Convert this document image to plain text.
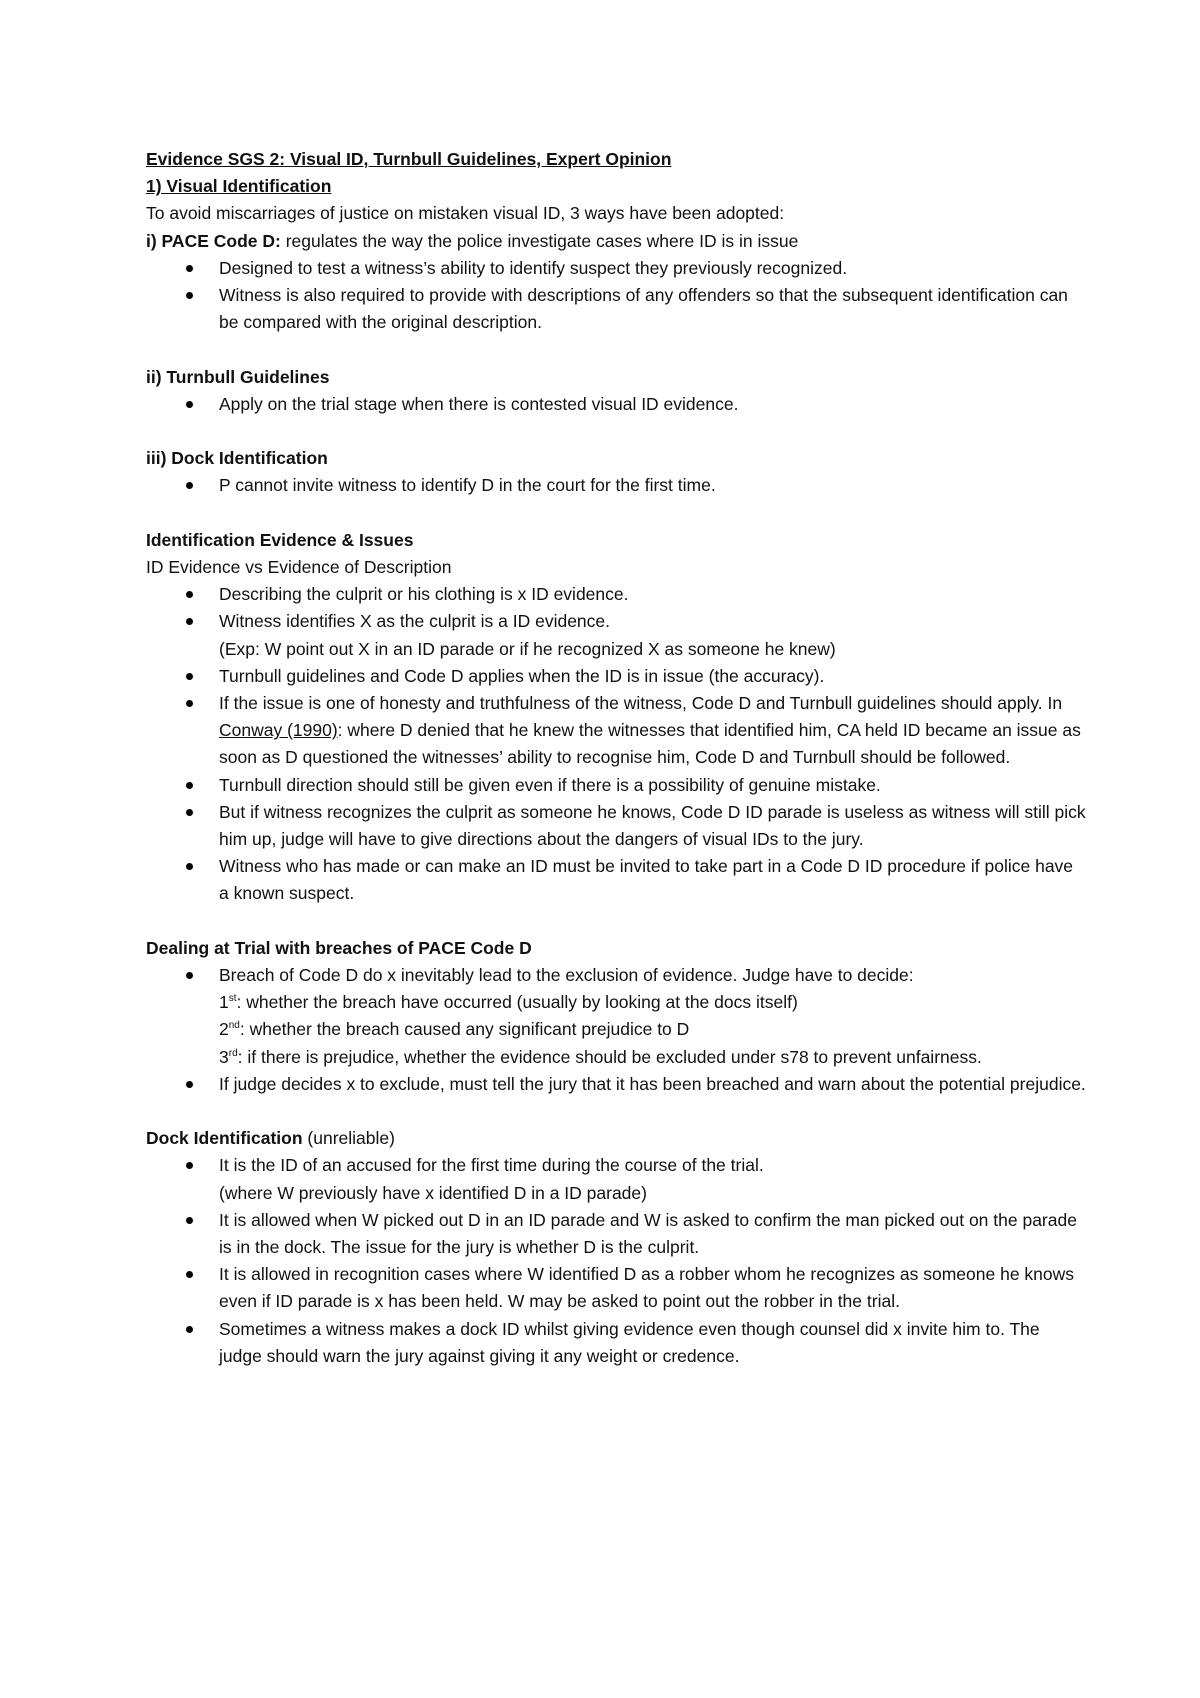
Evidence SGS 2: Visual ID, Turnbull Guidelines, Expert Opinion

1) Visual Identification

To avoid miscarriages of justice on mistaken visual ID, 3 ways have been adopted:

i) PACE Code D: regulates the way the police investigate cases where ID is in issue

Designed to test a witness’s ability to identify suspect they previously recognized.
Witness is also required to provide with descriptions of any offenders so that the subsequent identification can be compared with the original description.

ii) Turnbull Guidelines

Apply on the trial stage when there is contested visual ID evidence.

iii) Dock Identification

P cannot invite witness to identify D in the court for the first time.

Identification Evidence & Issues

ID Evidence vs Evidence of Description

Describing the culprit or his clothing is x ID evidence.
Witness identifies X as the culprit is a ID evidence.
(Exp: W point out X in an ID parade or if he recognized X as someone he knew)
Turnbull guidelines and Code D applies when the ID is in issue (the accuracy).
If the issue is one of honesty and truthfulness of the witness, Code D and Turnbull guidelines should apply. In Conway (1990): where D denied that he knew the witnesses that identified him, CA held ID became an issue as soon as D questioned the witnesses’ ability to recognise him, Code D and Turnbull should be followed.
Turnbull direction should still be given even if there is a possibility of genuine mistake.
But if witness recognizes the culprit as someone he knows, Code D ID parade is useless as witness will still pick him up, judge will have to give directions about the dangers of visual IDs to the jury.
Witness who has made or can make an ID must be invited to take part in a Code D ID procedure if police have a known suspect.

Dealing at Trial with breaches of PACE Code D

Breach of Code D do x inevitably lead to the exclusion of evidence. Judge have to decide:
1st: whether the breach have occurred (usually by looking at the docs itself)
2nd: whether the breach caused any significant prejudice to D
3rd: if there is prejudice, whether the evidence should be excluded under s78 to prevent unfairness.
If judge decides x to exclude, must tell the jury that it has been breached and warn about the potential prejudice.

Dock Identification (unreliable)

It is the ID of an accused for the first time during the course of the trial.
(where W previously have x identified D in a ID parade)
It is allowed when W picked out D in an ID parade and W is asked to confirm the man picked out on the parade is in the dock. The issue for the jury is whether D is the culprit.
It is allowed in recognition cases where W identified D as a robber whom he recognizes as someone he knows even if ID parade is x has been held. W may be asked to point out the robber in the trial.
Sometimes a witness makes a dock ID whilst giving evidence even though counsel did x invite him to. The judge should warn the jury against giving it any weight or credence.
